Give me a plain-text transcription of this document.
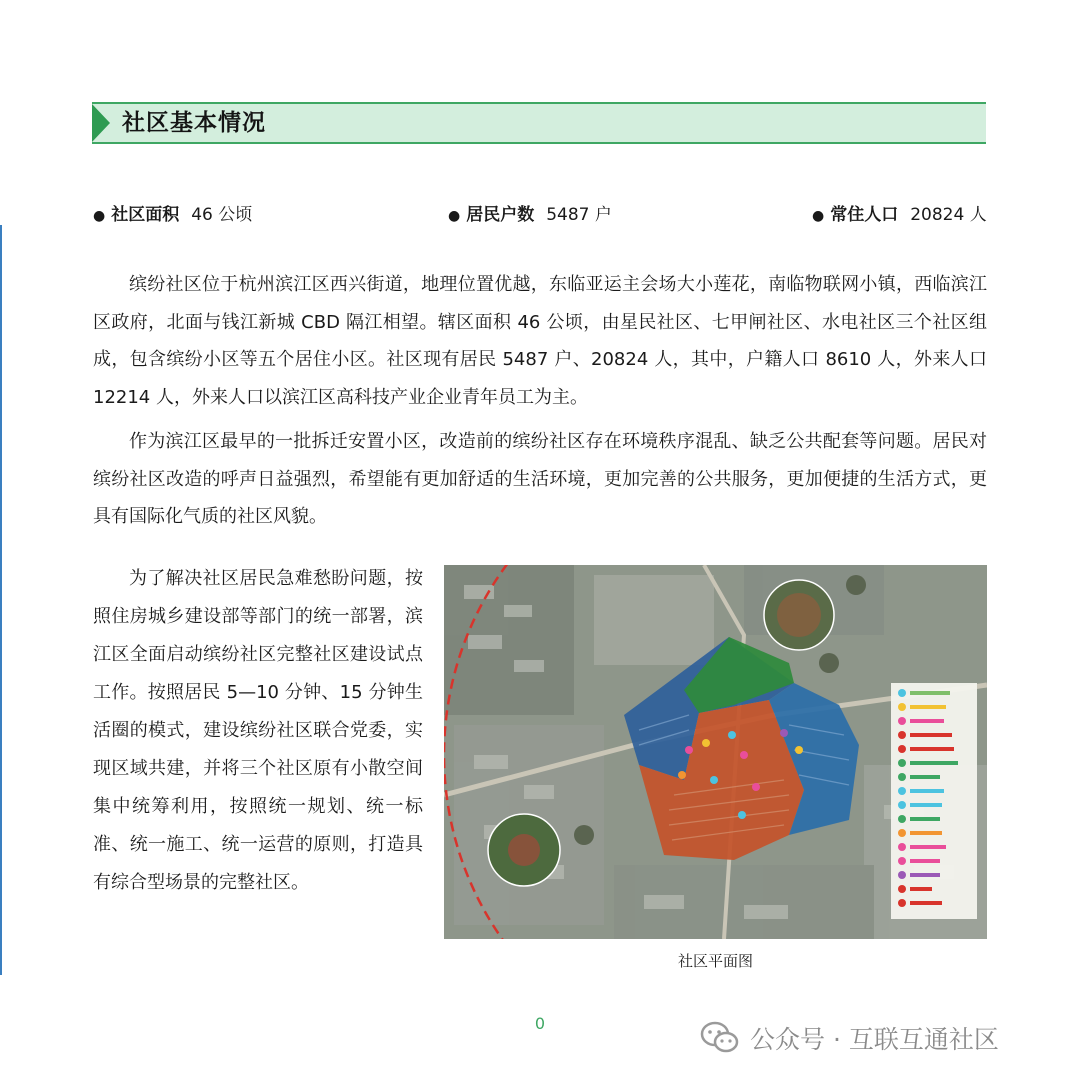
社区基本情况
● 社区面积 46 公顷	● 居民户数 5487 户	● 常住人口 20824 人

缤纷社区位于杭州滨江区西兴街道，地理位置优越，东临亚运主会场大小莲花，南临物联网小镇，西临滨江区政府，北面与钱江新城 CBD 隔江相望。辖区面积 46 公顷，由星民社区、七甲闸社区、水电社区三个社区组成，包含缤纷小区等五个居住小区。社区现有居民 5487 户、20824 人，其中，户籍人口 8610 人，外来人口 12214 人，外来人口以滨江区高科技产业企业青年员工为主。

作为滨江区最早的一批拆迁安置小区，改造前的缤纷社区存在环境秩序混乱、缺乏公共配套等问题。居民对缤纷社区改造的呼声日益强烈，希望能有更加舒适的生活环境，更加完善的公共服务，更加便捷的生活方式，更具有国际化气质的社区风貌。

为了解决社区居民急难愁盼问题，按照住房城乡建设部等部门的统一部署，滨江区全面启动缤纷社区完整社区建设试点工作。按照居民 5—10 分钟、15 分钟生活圈的模式，建设缤纷社区联合党委，实现区域共建，并将三个社区原有小散空间集中统筹利用，按照统一规划、统一标准、统一施工、统一运营的原则，打造具有综合型场景的完整社区。

社区平面图
0
公众号 · 互联互通社区
